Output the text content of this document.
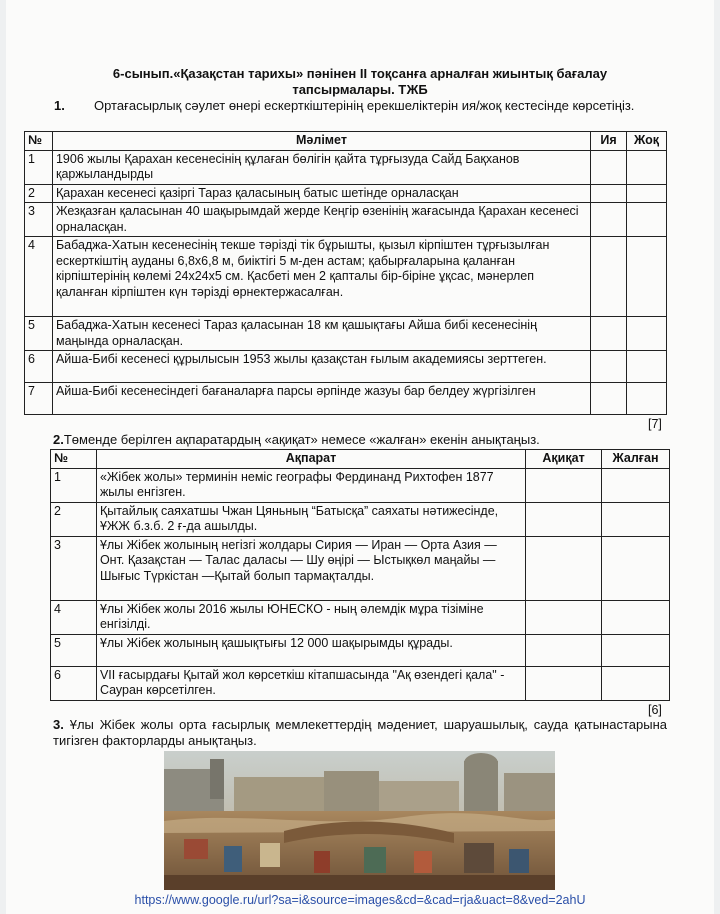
6-сынып.«Қазақстан тарихы» пәнінен ІІ тоқсанға арналған жиынтық бағалау
тапсырмалары. ТЖБ
1. Ортағасырлық сәулет өнері ескерткіштерінің ерекшеліктерін ия/жоқ кестесінде көрсетіңіз.
№	Мәлімет	Ия	Жоқ
1	1906 жылы Қарахан кесенесінің құлаған бөлігін қайта тұрғызуда Сайд Бақханов қаржыландырды		
2	Қарахан кесенесі қазіргі Тараз қаласының батыс шетінде орналасқан		
3	Жезқазған қаласынан 40 шақырымдай жерде Кеңгір өзенінің жағасында Қарахан кесенесі орналасқан.		
4	Бабаджа-Хатын кесенесінің текше тәрізді тік бұрышты, қызыл кірпіштен тұрғызылған ескерткіштің ауданы 6,8х6,8 м, биіктігі 5 м-ден астам; қабырғаларына қаланған кірпіштерінің көлемі 24х24х5 см. Қасбеті мен 2 қапталы бір-біріне ұқсас, мәнерлеп қаланған кірпіштен күн тәрізді өрнектержасалған.		
5	Бабаджа-Хатын кесенесі Тараз қаласынан 18 км қашықтағы Айша бибі кесенесінің маңында орналасқан.		
6	Айша-Бибі кесенесі құрылысын 1953 жылы қазақстан ғылым академиясы зерттеген.		
7	Айша-Бибі кесенесіндегі бағаналарға парсы әрпінде жазуы бар белдеу жүргізілген		
[7]
2.Төменде берілген ақпаратардың «ақиқат» немесе «жалған» екенін анықтаңыз.
№	Ақпарат	Ақиқат	Жалған
1	«Жібек жолы» терминін неміс географы Фердинанд Рихтофен 1877 жылы енгізген.		
2	Қытайлық саяхатшы Чжан Цяньның “Батысқа” саяхаты нәтижесінде, ҰЖЖ б.з.б. 2 ғ-да ашылды.		
3	Ұлы Жібек жолының негізгі жолдары Сирия — Иран — Орта Азия — Онт. Қазақстан — Талас даласы — Шу өңірі — Ыстықкөл маңайы — Шығыс Түркістан —Қытай болып тармақталды.		
4	Ұлы Жібек жолы 2016 жылы ЮНЕСКО - ның әлемдік мұра тізіміне енгізілді.		
5	Ұлы Жібек жолының қашықтығы 12 000 шақырымды құрады.		
6	VII ғасырдағы Қытай жол көрсеткіш кітапшасында "Ақ өзендегі қала" - Сауран көрсетілген.		
[6]
3. Ұлы Жібек жолы орта ғасырлық мемлекеттердің мәдениет, шаруашылық, сауда қатынастарына тигізген факторларды анықтаңыз.
https://www.google.ru/url?sa=i&source=images&cd=&cad=rja&uact=8&ved=2ahU
